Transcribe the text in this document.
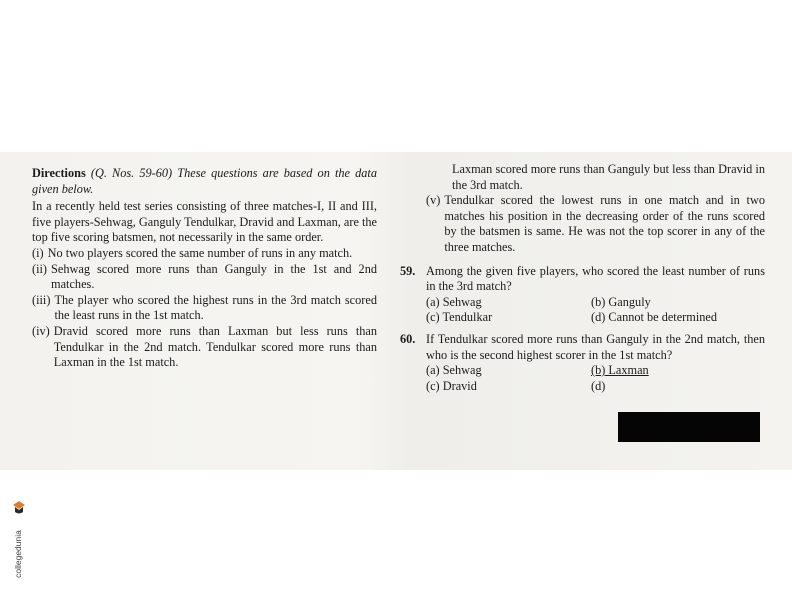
Directions (Q. Nos. 59-60) These questions are based on the data given below.

In a recently held test series consisting of three matches-I, II and III, five players-Sehwag, Ganguly Tendulkar, Dravid and Laxman, are the top five scoring batsmen, not necessarily in the same order.

(i) No two players scored the same number of runs in any match.
(ii) Sehwag scored more runs than Ganguly in the 1st and 2nd matches.
(iii) The player who scored the highest runs in the 3rd match scored the least runs in the 1st match.
(iv) Dravid scored more runs than Laxman but less runs than Tendulkar in the 2nd match. Tendulkar scored more runs than Laxman in the 1st match.

Laxman scored more runs than Ganguly but less than Dravid in the 3rd match.

(v) Tendulkar scored the lowest runs in one match and in two matches his position in the decreasing order of the runs scored by the batsmen is same. He was not the top scorer in any of the three matches.
59. Among the given five players, who scored the least number of runs in the 3rd match?

(a) Sehwag	(b) Ganguly
(c) Tendulkar	(d) Cannot be determined
60. If Tendulkar scored more runs than Ganguly in the 2nd match, then who is the second highest scorer in the 1st match?

(a) Sehwag	(b) Laxman
(c) Dravid	(d)
collegedunia
